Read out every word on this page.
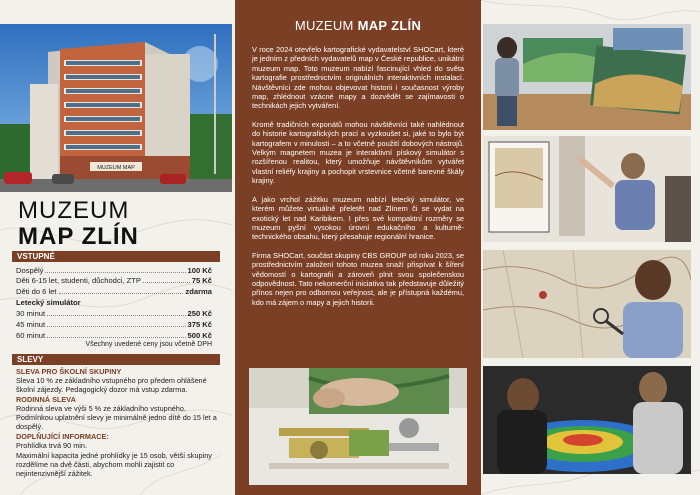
MUZEUM MAP
MUZEUM
MAP ZLÍN
VSTUPNÉ
Dospělý	100 Kč
Děti 6-15 let, studenti, důchodci, ZTP	75 Kč
Děti do 6 let	zdarma
Letecký simulátor
30 minut	250 Kč
45 minut	375 Kč
60 minut	500 Kč
Všechny uvedené ceny jsou včetně DPH
SLEVY
SLEVA PRO ŠKOLNÍ SKUPINY

Sleva 10 % ze základního vstupného pro předem ohlášené školní zájezdy. Pedagogický dozor má vstup zdarma.

RODINNÁ SLEVA

Rodinná sleva ve výši 5 % ze základního vstupného. Podmínkou uplatnění slevy je minimálně jedno dítě do 15 let a dospělý.

DOPLŇUJÍCÍ INFORMACE:

Prohlídka trvá 90 min.

Maximální kapacita jedné prohlídky je 15 osob, větší skupiny rozdělíme na dvě části, abychom mohli zajistit co nejintenzivnější zážitek.

MUZEUM MAP ZLÍN

V roce 2024 otevřelo kartografické vydavatelství SHOCart, které je jedním z předních vydavatelů map v České republice, unikátní muzeum map. Toto muzeum nabízí fascinující vhled do světa kartografie prostřednictvím originálních interaktivních instalací. Návštěvníci zde mohou objevovat historii i současnost výroby map, zhlédnout vzácné mapy a dozvědět se zajímavosti o technikách jejich vytváření.

Kromě tradičních exponátů mohou návštěvníci také nahlédnout do historie kartografických prací a vyzkoušet si, jaké to bylo být kartografem v minulosti – a to včetně použití dobových nástrojů. Velkým magnetem muzea je interaktivní pískový simulátor s rozšířenou realitou, který umožňuje návštěvníkům vytvářet vlastní reliéfy krajiny a pochopit vrstevnice včetně barevné škály krajiny.

A jako vrchol zážitku muzeum nabízí letecký simulátor, ve kterém můžete virtuálně přeletět nad Zlínem či se vydat na exotický let nad Karibikem. I přes své kompaktní rozměry se muzeum pyšní vysokou úrovní edukačního a kulturně-technického obsahu, který přesahuje regionální hranice.

Firma SHOCart, součást skupiny CBS GROUP od roku 2023, se prostřednictvím založení tohoto muzea snaží přispívat k šíření vědomostí o kartografii a zároveň plnit svou společenskou odpovědnost. Tato nekomerční iniciativa tak představuje důležitý přínos nejen pro odbornou veřejnost, ale je přístupná každému, kdo má zájem o mapy a jejich historii.
